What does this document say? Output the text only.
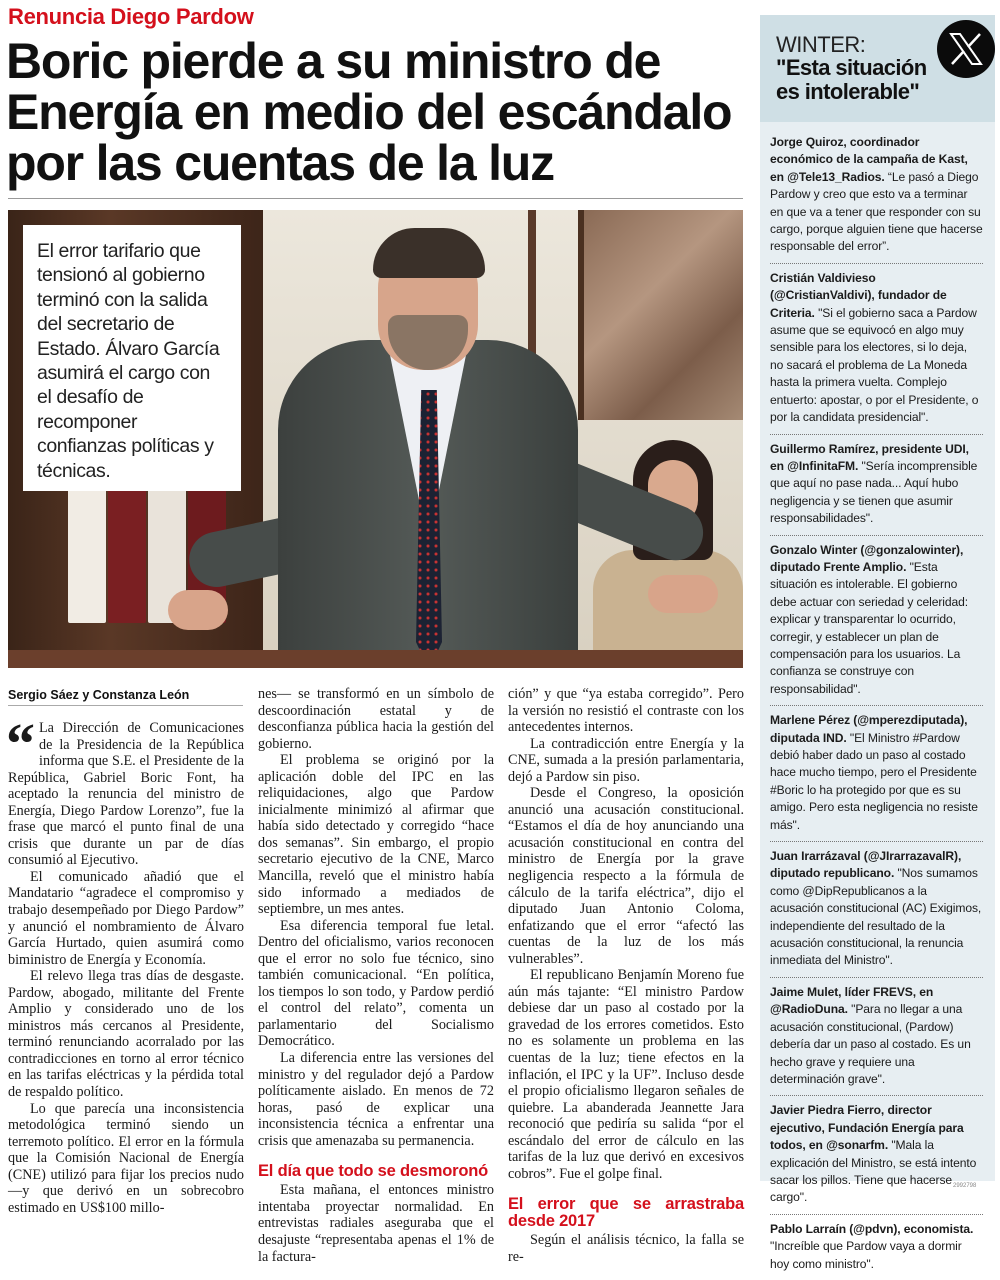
Renuncia Diego Pardow
Boric pierde a su ministro de Energía en medio del escándalo por las cuentas de la luz
El error tarifario que tensionó al gobierno terminó con la salida del secretario de Estado. Álvaro García asumirá el cargo con el desafío de recomponer confianzas políticas y técnicas.
Sergio Sáez y Constanza León
“ La Dirección de Comunicaciones de la Presidencia de la República informa que S.E. el Presidente de la República, Gabriel Boric Font, ha aceptado la renuncia del ministro de Energía, Diego Pardow Lorenzo”, fue la frase que marcó el punto final de una crisis que durante un par de días consumió al Ejecutivo.

El comunicado añadió que el Mandatario “agradece el compromiso y trabajo desempeñado por Diego Pardow” y anunció el nombramiento de Álvaro García Hurtado, quien asumirá como biministro de Energía y Economía.

El relevo llega tras días de desgaste. Pardow, abogado, militante del Frente Amplio y considerado uno de los ministros más cercanos al Presidente, terminó renunciando acorralado por las contradicciones en torno al error técnico en las tarifas eléctricas y la pérdida total de respaldo político.

Lo que parecía una inconsistencia metodológica terminó siendo un terremoto político. El error en la fórmula que la Comisión Nacional de Energía (CNE) utilizó para fijar los precios nudo —y que derivó en un sobrecobro estimado en US$100 millo-

nes— se transformó en un símbolo de descoordinación estatal y de desconfianza pública hacia la gestión del gobierno.

El problema se originó por la aplicación doble del IPC en las reliquidaciones, algo que Pardow inicialmente minimizó al afirmar que había sido detectado y corregido “hace dos semanas”. Sin embargo, el propio secretario ejecutivo de la CNE, Marco Mancilla, reveló que el ministro había sido informado a mediados de septiembre, un mes antes.

Esa diferencia temporal fue letal. Dentro del oficialismo, varios reconocen que el error no solo fue técnico, sino también comunicacional. “En política, los tiempos lo son todo, y Pardow perdió el control del relato”, comenta un parlamentario del Socialismo Democrático.

La diferencia entre las versiones del ministro y del regulador dejó a Pardow políticamente aislado. En menos de 72 horas, pasó de explicar una inconsistencia técnica a enfrentar una crisis que amenazaba su permanencia.

El día que todo se desmoronó

Esta mañana, el entonces ministro intentaba proyectar normalidad. En entrevistas radiales aseguraba que el desajuste “representaba apenas el 1% de la factura-

ción” y que “ya estaba corregido”. Pero la versión no resistió el contraste con los antecedentes internos.

La contradicción entre Energía y la CNE, sumada a la presión parlamentaria, dejó a Pardow sin piso.

Desde el Congreso, la oposición anunció una acusación constitucional. “Estamos el día de hoy anunciando una acusación constitucional en contra del ministro de Energía por la grave negligencia respecto a la fórmula de cálculo de la tarifa eléctrica”, dijo el diputado Juan Antonio Coloma, enfatizando que el error “afectó las cuentas de la luz de los más vulnerables”.

El republicano Benjamín Moreno fue aún más tajante: “El ministro Pardow debiese dar un paso al costado por la gravedad de los errores cometidos. Esto no es solamente un problema en las cuentas de la luz; tiene efectos en la inflación, el IPC y la UF”. Incluso desde el propio oficialismo llegaron señales de quiebre. La abanderada Jeannette Jara reconoció que pediría su salida “por el escándalo del error de cálculo en las tarifas de la luz que derivó en excesivos cobros”. Fue el golpe final.

El error que se arrastraba desde 2017

Según el análisis técnico, la falla se re-

WINTER:
"Esta situación es intolerable"
Jorge Quiroz, coordinador económico de la campaña de Kast, en @Tele13_Radios. “Le pasó a Diego Pardow y creo que esto va a terminar en que va a tener que responder con su cargo, porque alguien tiene que hacerse responsable del error”.
Cristián Valdivieso (@CristianValdivi), fundador de Criteria. "Si el gobierno saca a Pardow asume que se equivocó en algo muy sensible para los electores, si lo deja, no sacará el problema de La Moneda hasta la primera vuelta. Complejo entuerto: apostar, o por el Presidente, o por la candidata presidencial".
Guillermo Ramírez, presidente UDI, en @InfinitaFM. "Sería incomprensible que aquí no pase nada... Aquí hubo negligencia y se tienen que asumir responsabilidades".
Gonzalo Winter (@gonzalowinter), diputado Frente Amplio. "Esta situación es intolerable. El gobierno debe actuar con seriedad y celeridad: explicar y transparentar lo ocurrido, corregir, y establecer un plan de compensación para los usuarios. La confianza se construye con responsabilidad".
Marlene Pérez (@mperezdiputada), diputada IND. "El Ministro #Pardow debió haber dado un paso al costado hace mucho tiempo, pero el Presidente #Boric lo ha protegido por que es su amigo. Pero esta negligencia no resiste más".
Juan Irarrázaval (@JIrarrazavalR), diputado republicano. "Nos sumamos como @DipRepublicanos a la acusación constitucional (AC) Exigimos, independiente del resultado de la acusación constitucional, la renuncia inmediata del Ministro".
Jaime Mulet, líder FREVS, en @RadioDuna. "Para no llegar a una acusación constitucional, (Pardow) debería dar un paso al costado. Es un hecho grave y requiere una determinación grave".
Javier Piedra Fierro, director ejecutivo, Fundación Energía para todos, en @sonarfm. "Mala la explicación del Ministro, se está intento sacar los pillos. Tiene que hacerse cargo".
Pablo Larraín (@pdvn), economista. "Increíble que Pardow vaya a dormir hoy como ministro".
2992798
